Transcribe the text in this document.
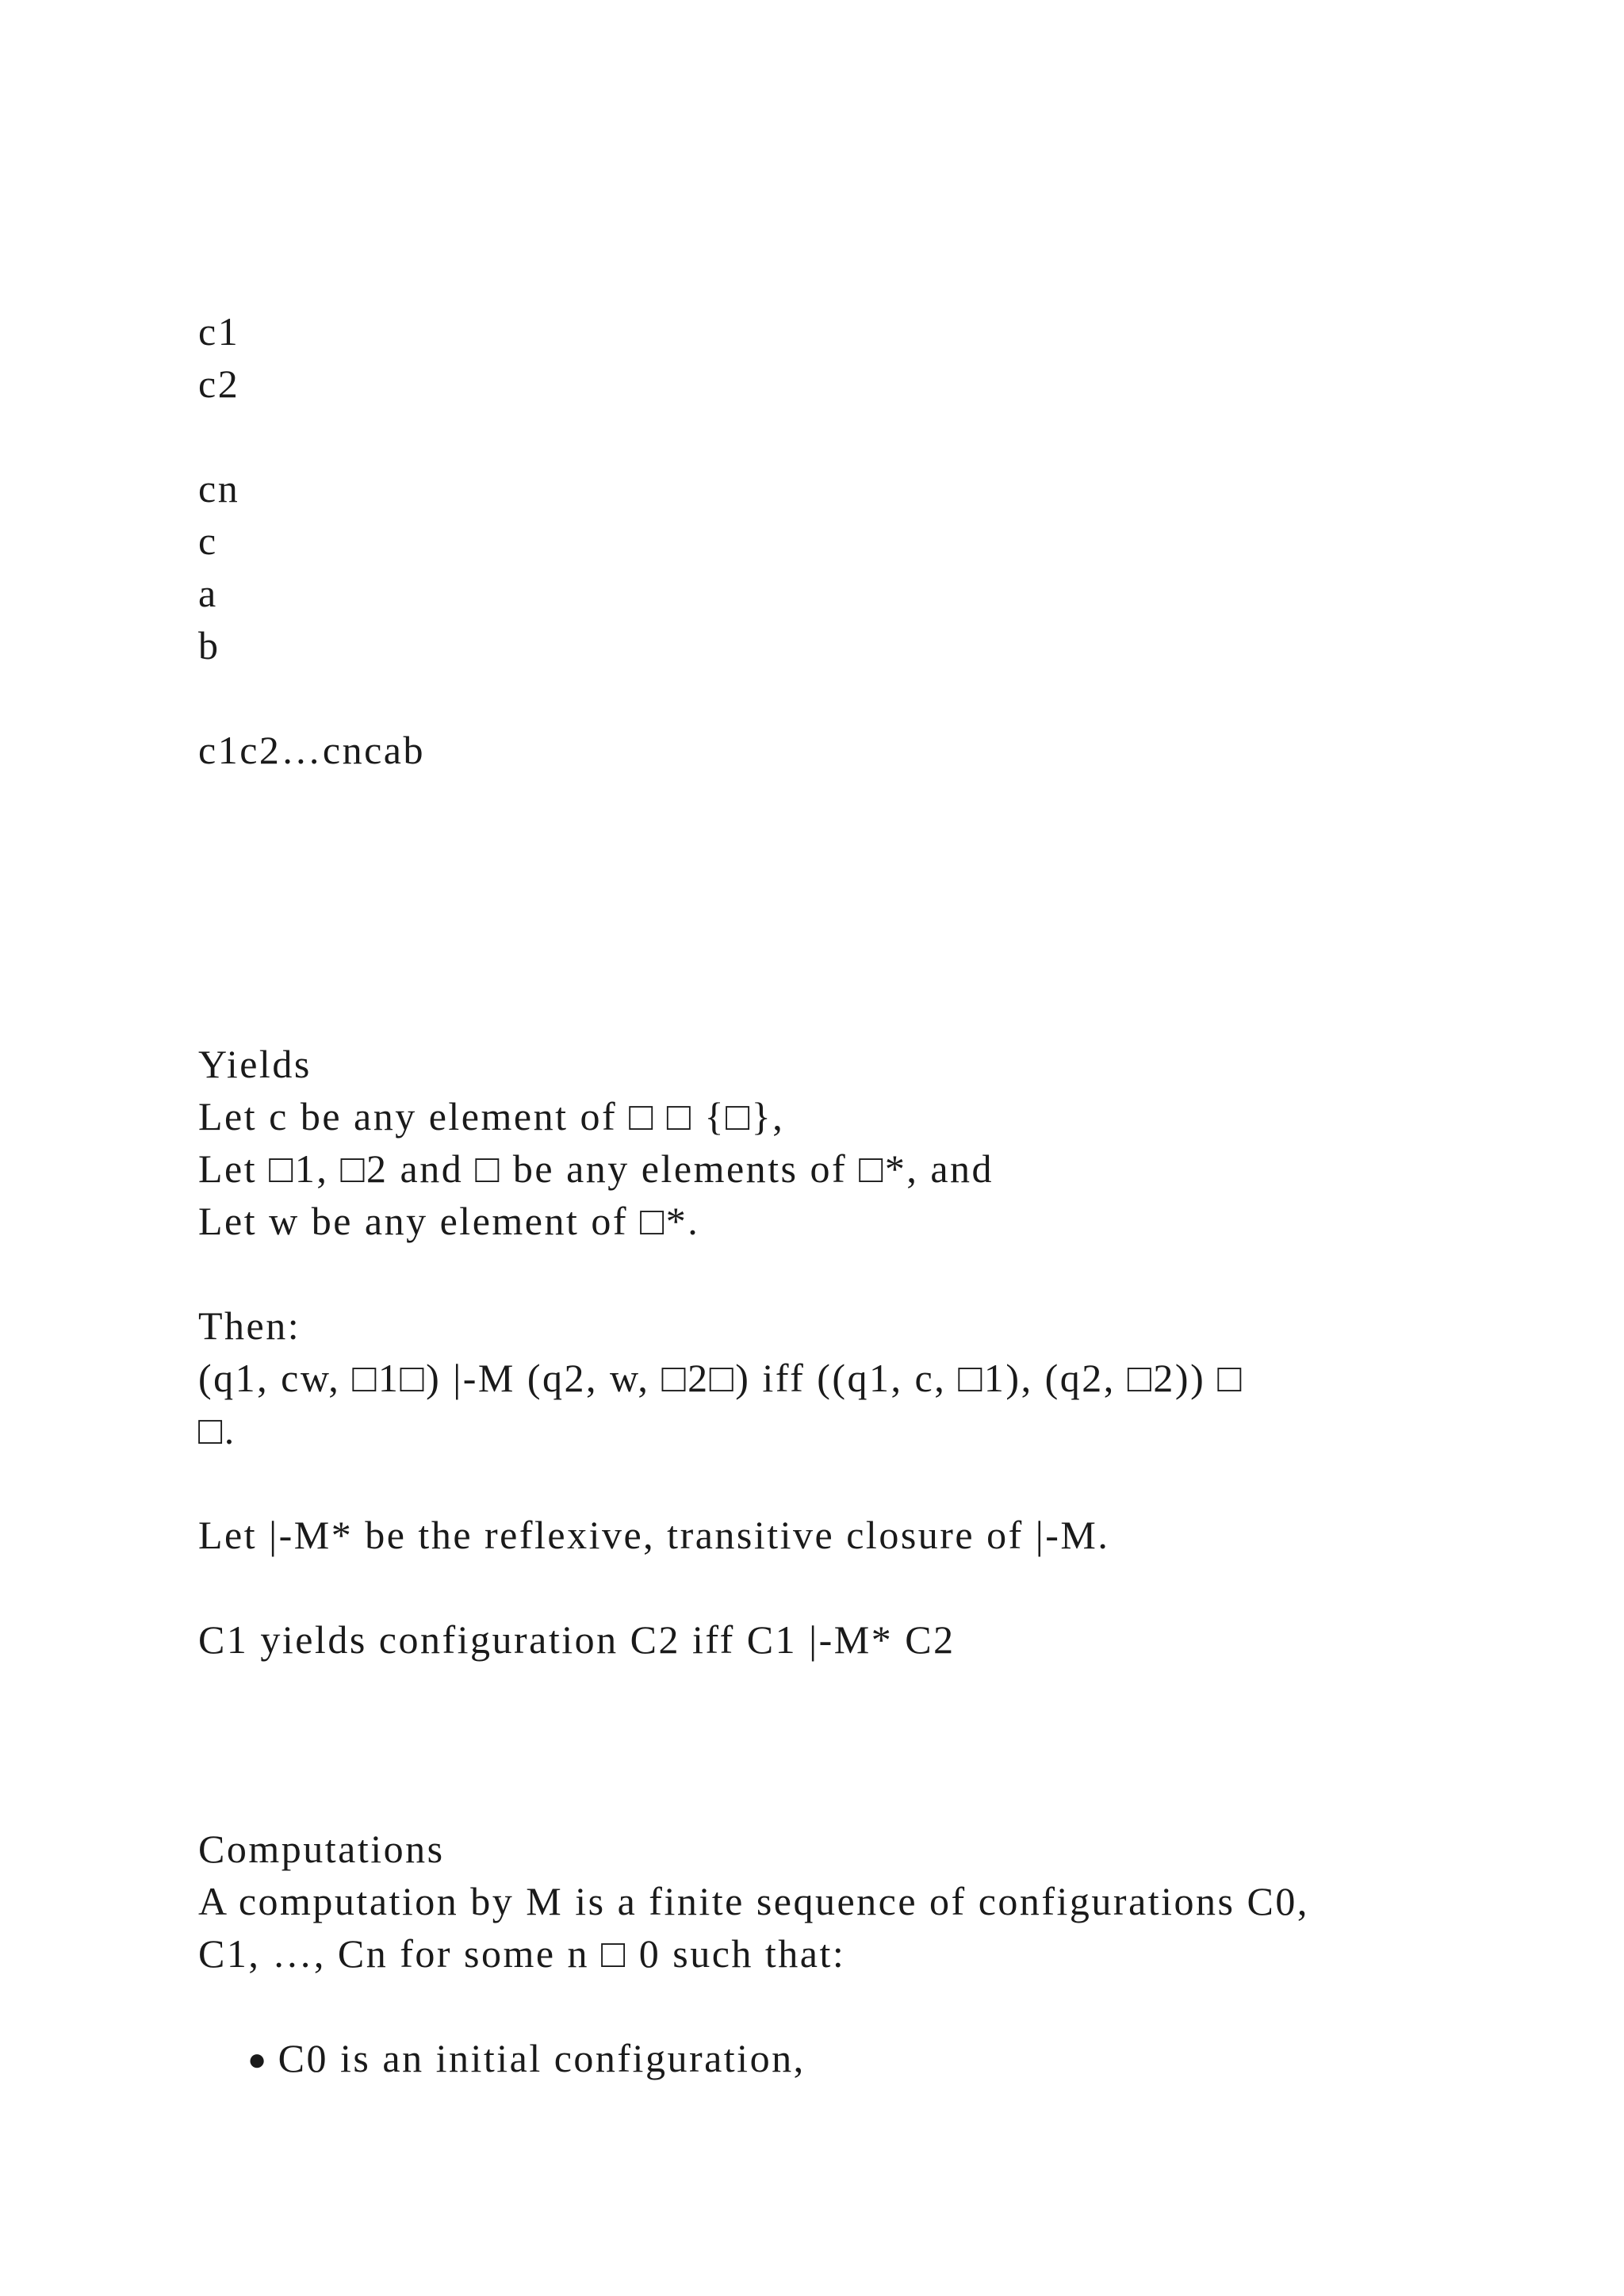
c1

c2

cn

c

a

b

c1c2…cncab

Yields

Let c be any element of □ □ {□},

Let □1, □2 and □ be any elements of □*, and

Let w be any element of □*.

Then:

(q1, cw, □1□) |-M (q2, w, □2□) iff ((q1, c, □1), (q2, □2)) □

□.

Let |-M* be the reflexive, transitive closure of |-M.

C1 yields configuration C2 iff C1 |-M* C2

Computations

A computation by M is a finite sequence of configurations C0,

C1, …, Cn for some n □ 0 such that:

● C0 is an initial configuration,
